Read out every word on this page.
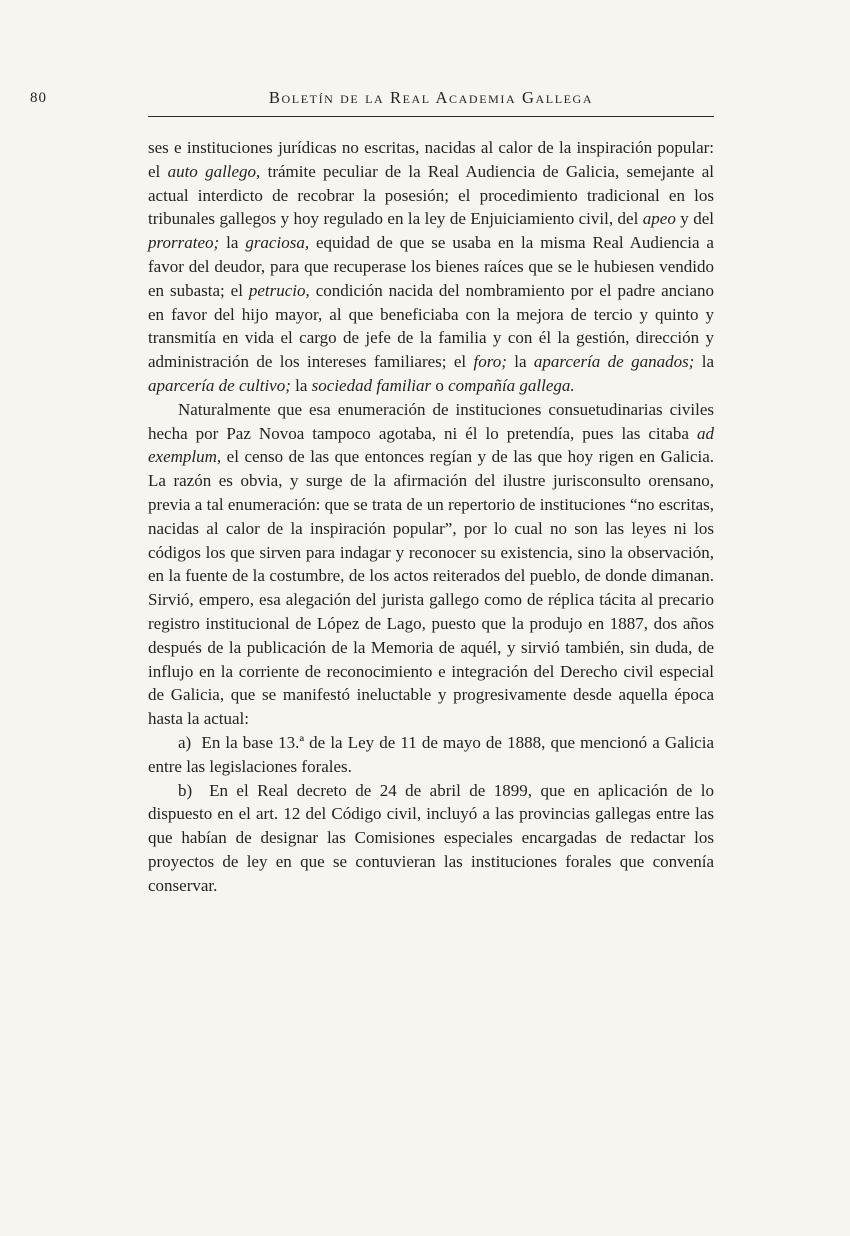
80	Boletín de la Real Academia Gallega

ses e instituciones jurídicas no escritas, nacidas al calor de la inspiración popular: el auto gallego, trámite peculiar de la Real Audiencia de Galicia, semejante al actual interdicto de recobrar la posesión; el procedimiento tradicional en los tribunales gallegos y hoy regulado en la ley de Enjuiciamiento civil, del apeo y del prorrateo; la graciosa, equidad de que se usaba en la misma Real Audiencia a favor del deudor, para que recuperase los bienes raíces que se le hubiesen vendido en subasta; el petrucio, condición nacida del nombramiento por el padre anciano en favor del hijo mayor, al que beneficiaba con la mejora de tercio y quinto y transmitía en vida el cargo de jefe de la familia y con él la gestión, dirección y administración de los intereses familiares; el foro; la aparcería de ganados; la aparcería de cultivo; la sociedad familiar o compañía gallega.

Naturalmente que esa enumeración de instituciones consuetudinarias civiles hecha por Paz Novoa tampoco agotaba, ni él lo pretendía, pues las citaba ad exemplum, el censo de las que entonces regían y de las que hoy rigen en Galicia. La razón es obvia, y surge de la afirmación del ilustre jurisconsulto orensano, previa a tal enumeración: que se trata de un repertorio de instituciones “no escritas, nacidas al calor de la inspiración popular”, por lo cual no son las leyes ni los códigos los que sirven para indagar y reconocer su existencia, sino la observación, en la fuente de la costumbre, de los actos reiterados del pueblo, de donde dimanan. Sirvió, empero, esa alegación del jurista gallego como de réplica tácita al precario registro institucional de López de Lago, puesto que la produjo en 1887, dos años después de la publicación de la Memoria de aquél, y sirvió también, sin duda, de influjo en la corriente de reconocimiento e integración del Derecho civil especial de Galicia, que se manifestó ineluctable y progresivamente desde aquella época hasta la actual:

a)  En la base 13.ª de la Ley de 11 de mayo de 1888, que mencionó a Galicia entre las legislaciones forales.

b)  En el Real decreto de 24 de abril de 1899, que en aplicación de lo dispuesto en el art. 12 del Código civil, incluyó a las provincias gallegas entre las que habían de designar las Comisiones especiales encargadas de redactar los proyectos de ley en que se contuvieran las instituciones forales que convenía conservar.
